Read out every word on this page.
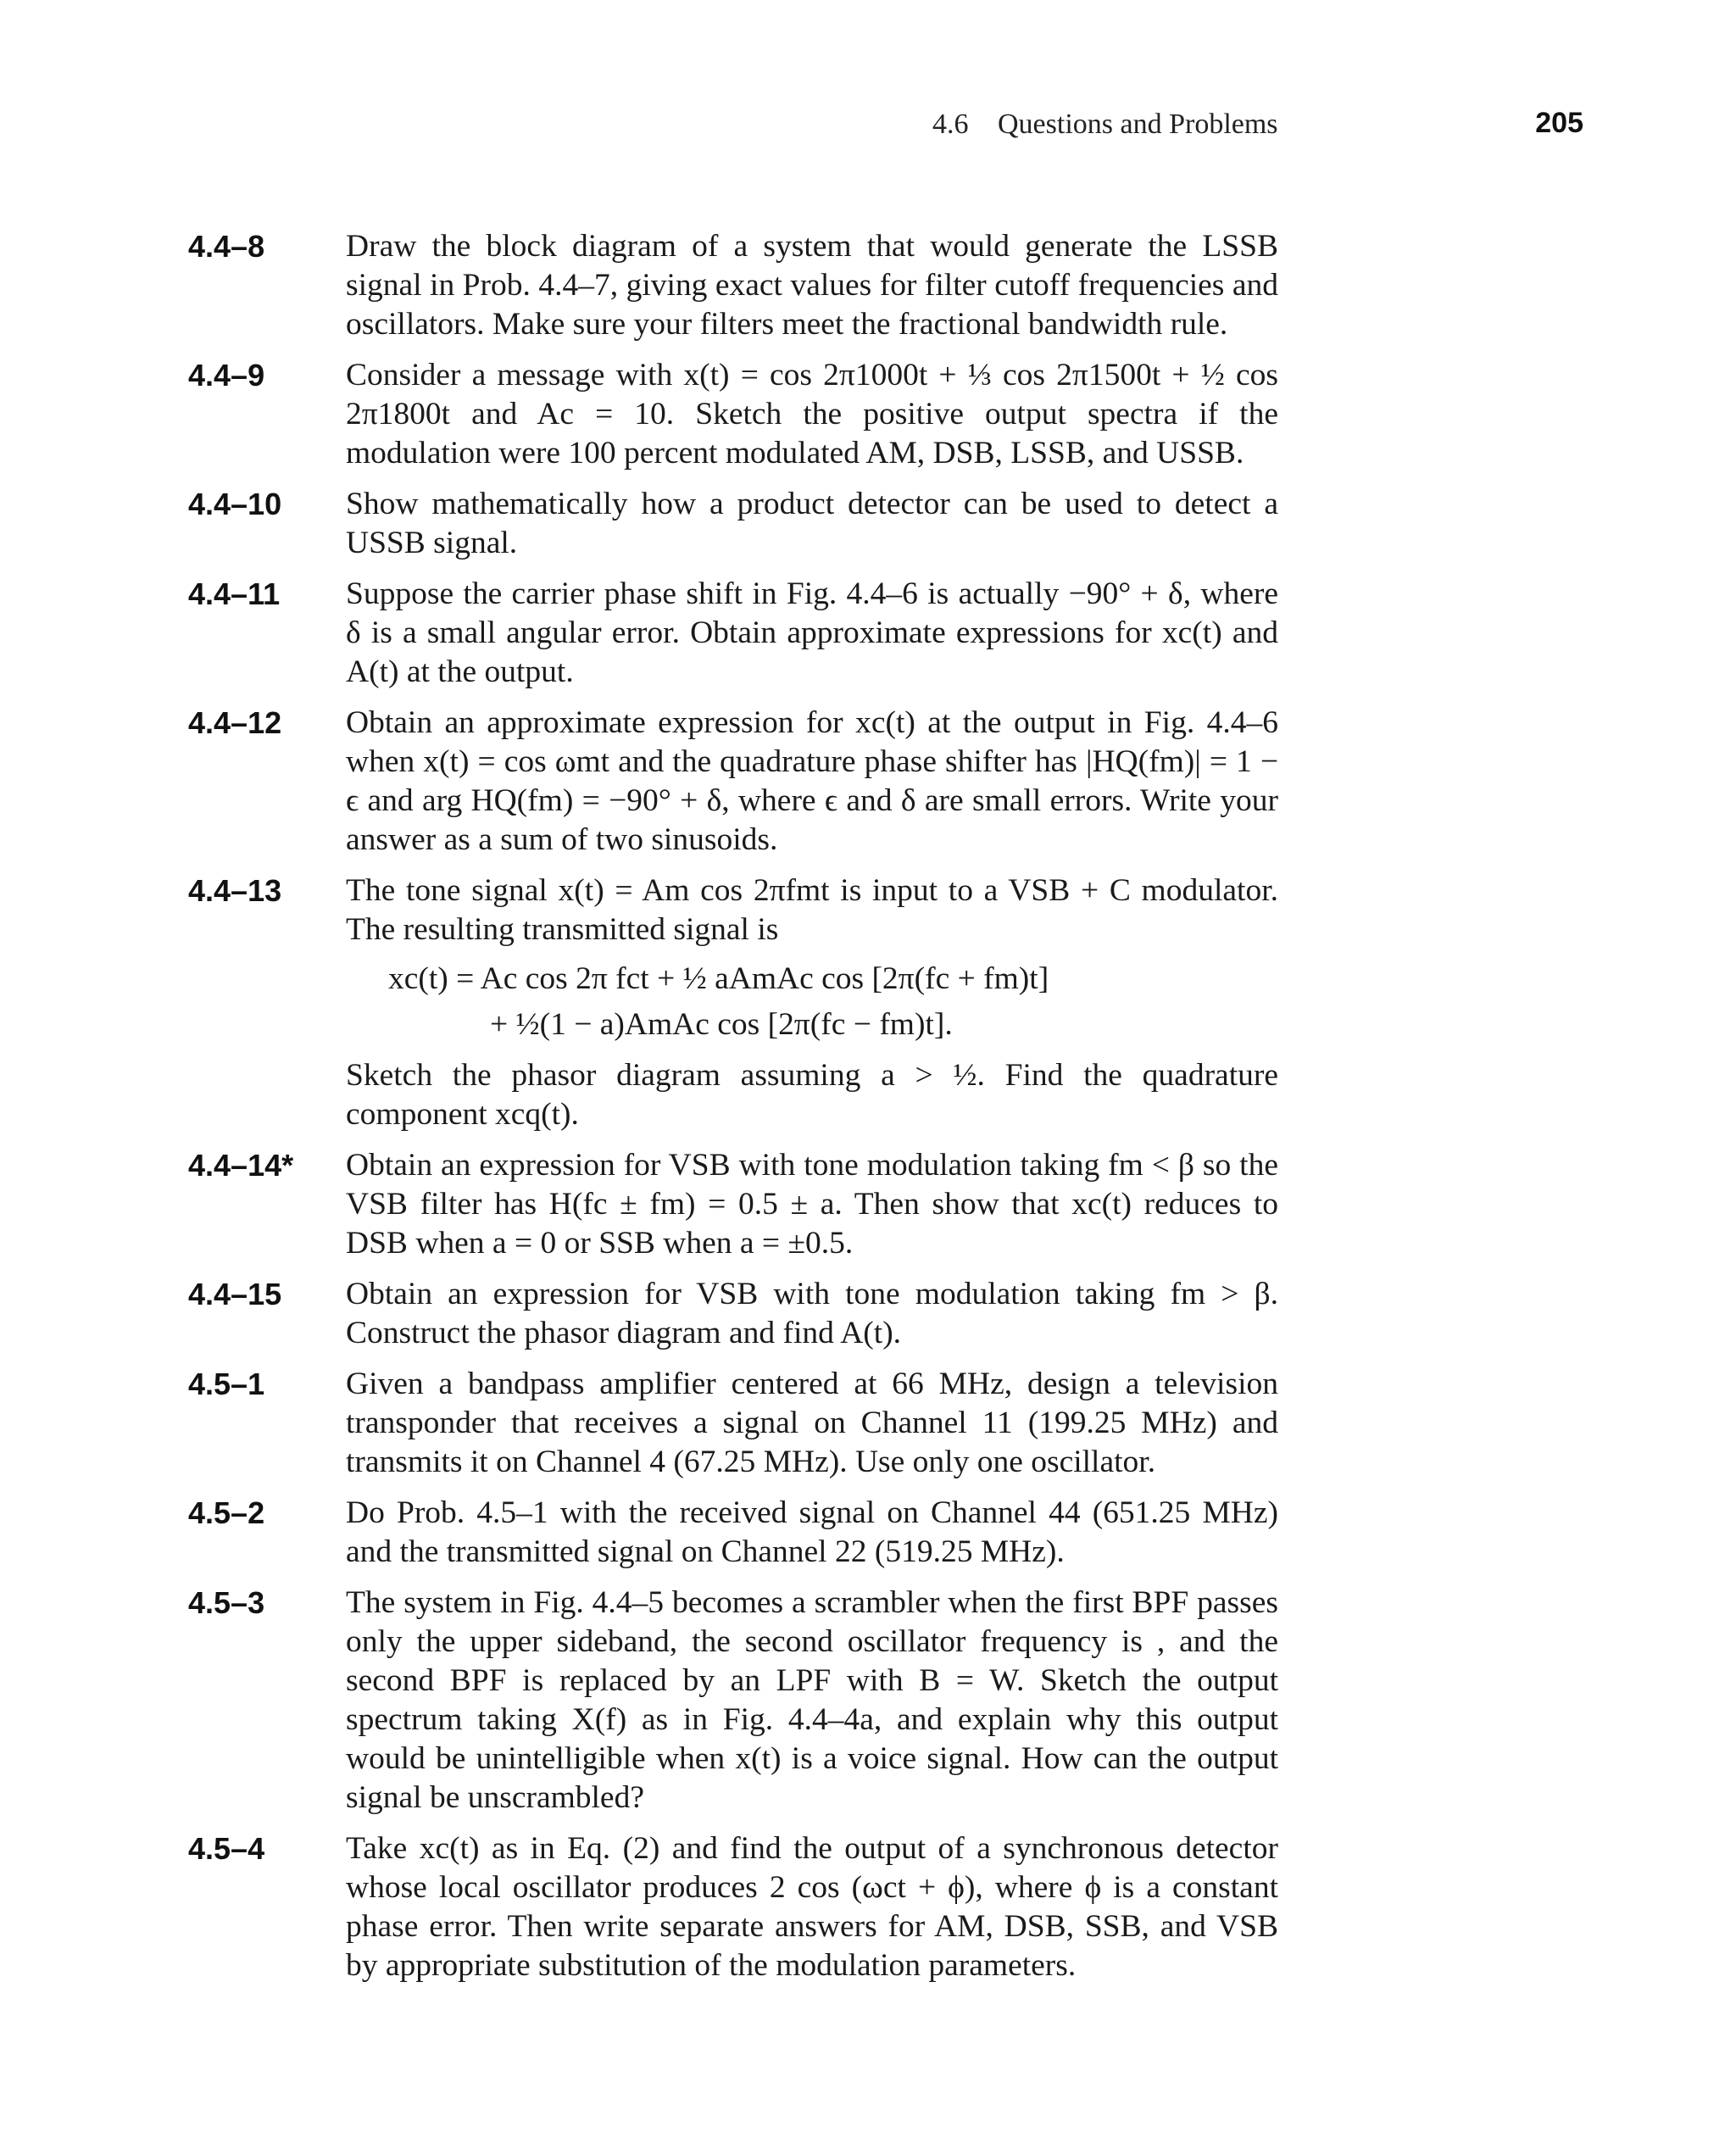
4.6 Questions and Problems	205
4.4–8	Draw the block diagram of a system that would generate the LSSB signal in Prob. 4.4–7, giving exact values for filter cutoff frequencies and oscillators. Make sure your filters meet the fractional bandwidth rule.

4.4–9	Consider a message with x(t) = cos 2π1000t + ⅓ cos 2π1500t + ½ cos 2π1800t and Ac = 10. Sketch the positive output spectra if the modulation were 100 percent modulated AM, DSB, LSSB, and USSB.

4.4–10	Show mathematically how a product detector can be used to detect a USSB signal.

4.4–11	Suppose the carrier phase shift in Fig. 4.4–6 is actually −90° + δ, where δ is a small angular error. Obtain approximate expressions for xc(t) and A(t) at the output.

4.4–12	Obtain an approximate expression for xc(t) at the output in Fig. 4.4–6 when x(t) = cos ωmt and the quadrature phase shifter has |HQ(fm)| = 1 − ϵ and arg HQ(fm) = −90° + δ, where ϵ and δ are small errors. Write your answer as a sum of two sinusoids.

4.4–13	The tone signal x(t) = Am cos 2πfmt is input to a VSB + C modulator. The resulting transmitted signal is

xc(t) = Ac cos 2π fct + ½ aAmAc cos [2π(fc + fm)t]
+ ½(1 − a)AmAc cos [2π(fc − fm)t].

Sketch the phasor diagram assuming a > ½. Find the quadrature component xcq(t).

4.4–14*	Obtain an expression for VSB with tone modulation taking fm < β so the VSB filter has H(fc ± fm) = 0.5 ± a. Then show that xc(t) reduces to DSB when a = 0 or SSB when a = ±0.5.

4.4–15	Obtain an expression for VSB with tone modulation taking fm > β. Construct the phasor diagram and find A(t).

4.5–1	Given a bandpass amplifier centered at 66 MHz, design a television transponder that receives a signal on Channel 11 (199.25 MHz) and transmits it on Channel 4 (67.25 MHz). Use only one oscillator.

4.5–2	Do Prob. 4.5–1 with the received signal on Channel 44 (651.25 MHz) and the transmitted signal on Channel 22 (519.25 MHz).

4.5–3	The system in Fig. 4.4–5 becomes a scrambler when the first BPF passes only the upper sideband, the second oscillator frequency is , and the second BPF is replaced by an LPF with B = W. Sketch the output spectrum taking X(f) as in Fig. 4.4–4a, and explain why this output would be unintelligible when x(t) is a voice signal. How can the output signal be unscrambled?

4.5–4	Take xc(t) as in Eq. (2) and find the output of a synchronous detector whose local oscillator produces 2 cos (ωct + ϕ), where ϕ is a constant phase error. Then write separate answers for AM, DSB, SSB, and VSB by appropriate substitution of the modulation parameters.
